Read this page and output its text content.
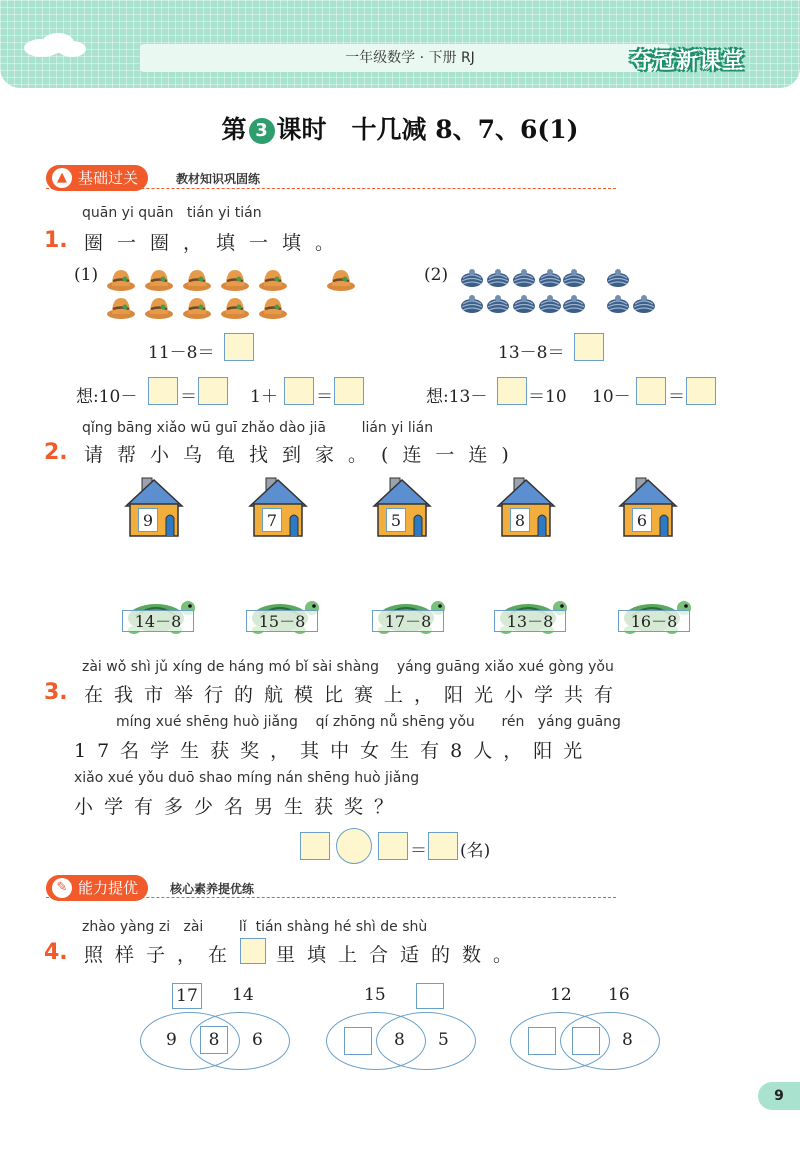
一年级数学 · 下册 RJ	夺冠新课堂
第 3 课时　十几减 8、7、6(1)
▲ 基础过关	教材知识巩固练
quān yi quān   tián yi tián
1. 圈一圈，填一填。
(1)
11－8＝
想:10－	＝	1＋ ＝
(2)
13－8＝
想:13－ ＝10 10－ ＝
qǐng bāng xiǎo wū guī zhǎo dào jiā        lián yi lián
2. 请帮小乌龟找到家。(连一连)
9	7	5	8	6
14－8	15－8	17－8	13－8	16－8
zài wǒ shì jǔ xíng de háng mó bǐ sài shàng    yáng guāng xiǎo xué gòng yǒu
3. 在我市举行的航模比赛上，阳光小学共有
míng xué shēng huò jiǎng    qí zhōng nǚ shēng yǒu      rén   yáng guāng
17名学生获奖，其中女生有8人，阳光
xiǎo xué yǒu duō shao míng nán shēng huò jiǎng
小学有多少名男生获奖？
＝ (名)
✎ 能力提优	核心素养提优练
zhào yàng zi   zài        lǐ  tián shàng hé shì de shù
4. 照样子，在 里填上合适的数。
17 14
9	8	6
15
8 5
12 16
8
9
